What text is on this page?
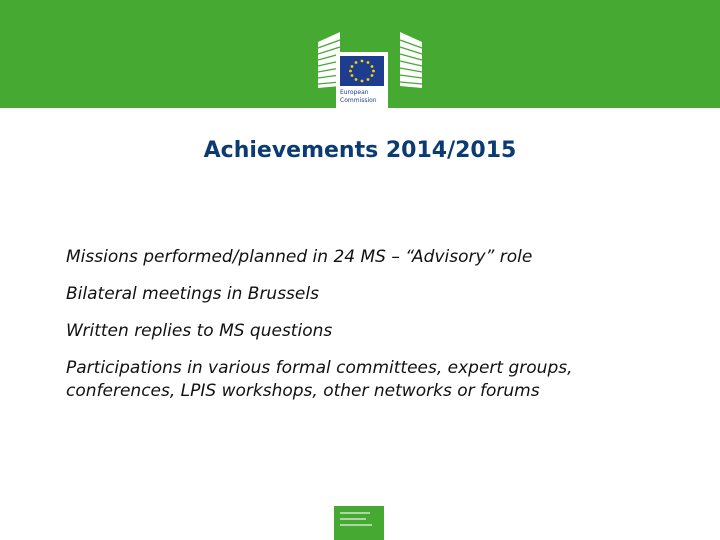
European
Commission
Achievements 2014/2015
Missions performed/planned in 24 MS – “Advisory” role
Bilateral meetings in Brussels
Written replies to MS questions
Participations in various formal committees, expert groups, conferences, LPIS workshops, other networks or forums
